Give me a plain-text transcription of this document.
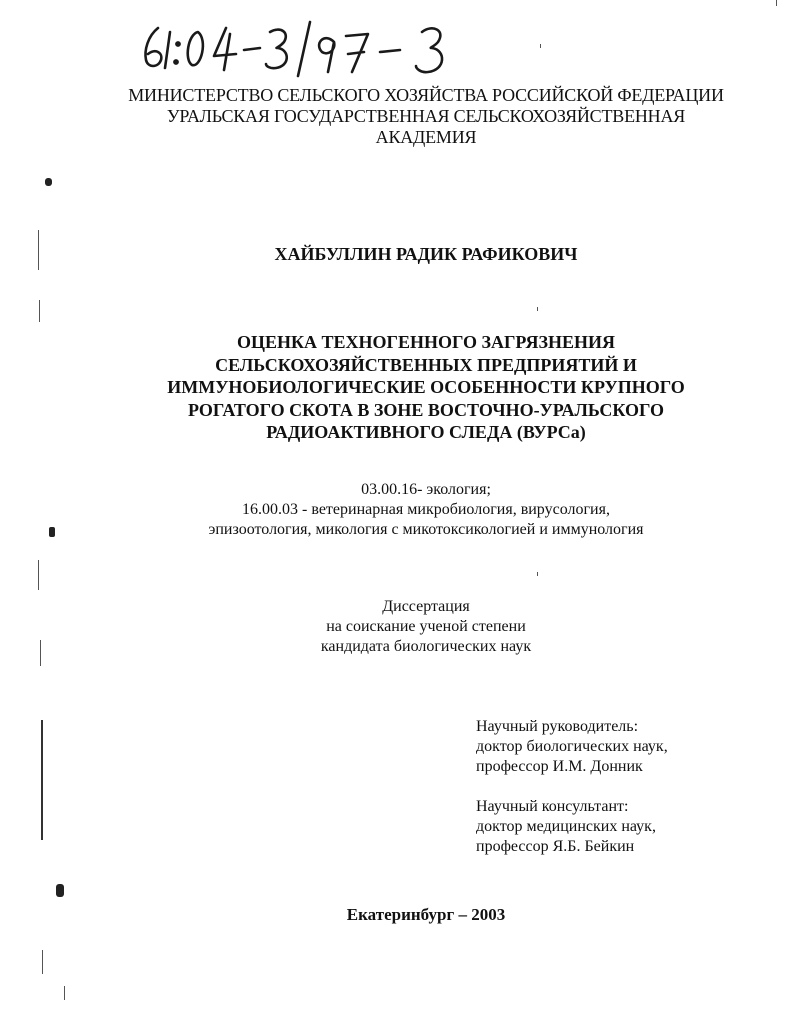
МИНИСТЕРСТВО СЕЛЬСКОГО ХОЗЯЙСТВА РОССИЙСКОЙ ФЕДЕРАЦИИ
УРАЛЬСКАЯ ГОСУДАРСТВЕННАЯ СЕЛЬСКОХОЗЯЙСТВЕННАЯ
АКАДЕМИЯ
ХАЙБУЛЛИН РАДИК РАФИКОВИЧ
ОЦЕНКА ТЕХНОГЕННОГО ЗАГРЯЗНЕНИЯ
СЕЛЬСКОХОЗЯЙСТВЕННЫХ ПРЕДПРИЯТИЙ И
ИММУНОБИОЛОГИЧЕСКИЕ ОСОБЕННОСТИ КРУПНОГО
РОГАТОГО СКОТА В ЗОНЕ ВОСТОЧНО-УРАЛЬСКОГО
РАДИОАКТИВНОГО СЛЕДА (ВУРСа)
03.00.16- экология;
16.00.03 - ветеринарная микробиология, вирусология,
эпизоотология, микология с микотоксикологией и иммунология
Диссертация
на соискание ученой степени
кандидата биологических наук
Научный руководитель:
доктор биологических наук,
профессор И.М. Донник
Научный консультант:
доктор медицинских наук,
профессор Я.Б. Бейкин
Екатеринбург – 2003
